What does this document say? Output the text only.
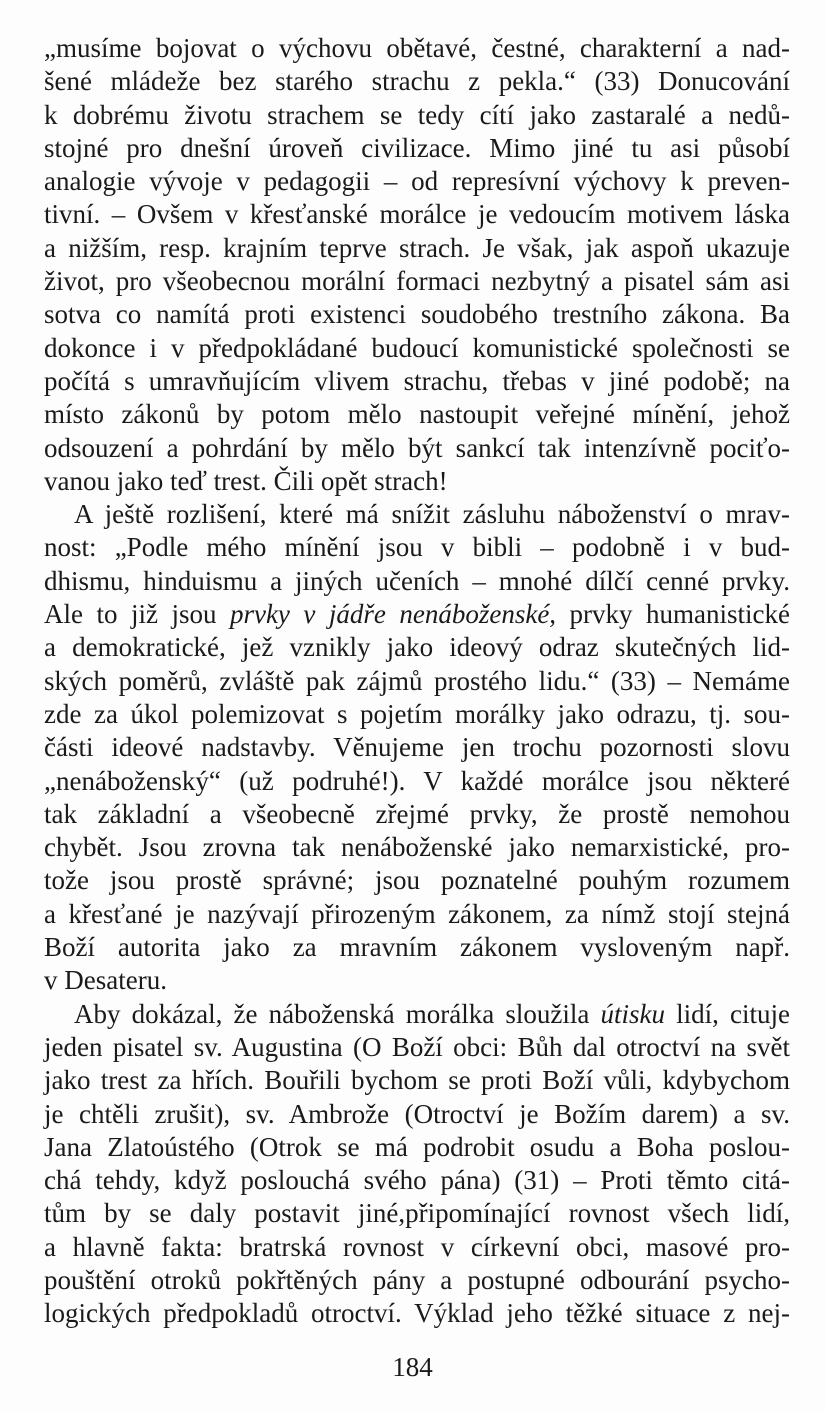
„musíme bojovat o výchovu obětavé, čestné, charakterní a nad-
šené mládeže bez starého strachu z pekla.“ (33) Donucování
k dobrému životu strachem se tedy cítí jako zastaralé a nedů-
stojné pro dnešní úroveň civilizace. Mimo jiné tu asi působí
analogie vývoje v pedagogii – od represívní výchovy k preven-
tivní. – Ovšem v křesťanské morálce je vedoucím motivem láska
a nižším, resp. krajním teprve strach. Je však, jak aspoň ukazuje
život, pro všeobecnou morální formaci nezbytný a pisatel sám asi
sotva co namítá proti existenci soudobého trestního zákona. Ba
dokonce i v předpokládané budoucí komunistické společnosti se
počítá s umravňujícím vlivem strachu, třebas v jiné podobě; na
místo zákonů by potom mělo nastoupit veřejné mínění, jehož
odsouzení a pohrdání by mělo být sankcí tak intenzívně pociťo-
vanou jako teď trest. Čili opět strach!
A ještě rozlišení, které má snížit zásluhu náboženství o mrav-
nost: „Podle mého mínění jsou v bibli – podobně i v bud-
dhismu, hinduismu a jiných učeních – mnohé dílčí cenné prvky.
Ale to již jsou prvky v jádře nenáboženské, prvky humanistické
a demokratické, jež vznikly jako ideový odraz skutečných lid-
ských poměrů, zvláště pak zájmů prostého lidu.“ (33) – Nemáme
zde za úkol polemizovat s pojetím morálky jako odrazu, tj. sou-
části ideové nadstavby. Věnujeme jen trochu pozornosti slovu
„nenáboženský“ (už podruhé!). V každé morálce jsou některé
tak základní a všeobecně zřejmé prvky, že prostě nemohou
chybět. Jsou zrovna tak nenáboženské jako nemarxistické, pro-
tože jsou prostě správné; jsou poznatelné pouhým rozumem
a křesťané je nazývají přirozeným zákonem, za nímž stojí stejná
Boží autorita jako za mravním zákonem vysloveným např.
v Desateru.
Aby dokázal, že náboženská morálka sloužila útisku lidí, cituje
jeden pisatel sv. Augustina (O Boží obci: Bůh dal otroctví na svět
jako trest za hřích. Bouřili bychom se proti Boží vůli, kdybychom
je chtěli zrušit), sv. Ambrože (Otroctví je Božím darem) a sv.
Jana Zlatoústého (Otrok se má podrobit osudu a Boha poslou-
chá tehdy, když poslouchá svého pána) (31) – Proti těmto citá-
tům by se daly postavit jiné,připomínající rovnost všech lidí,
a hlavně fakta: bratrská rovnost v církevní obci, masové pro-
pouštění otroků pokřtěných pány a postupné odbourání psycho-
logických předpokladů otroctví. Výklad jeho těžké situace z nej-
184
